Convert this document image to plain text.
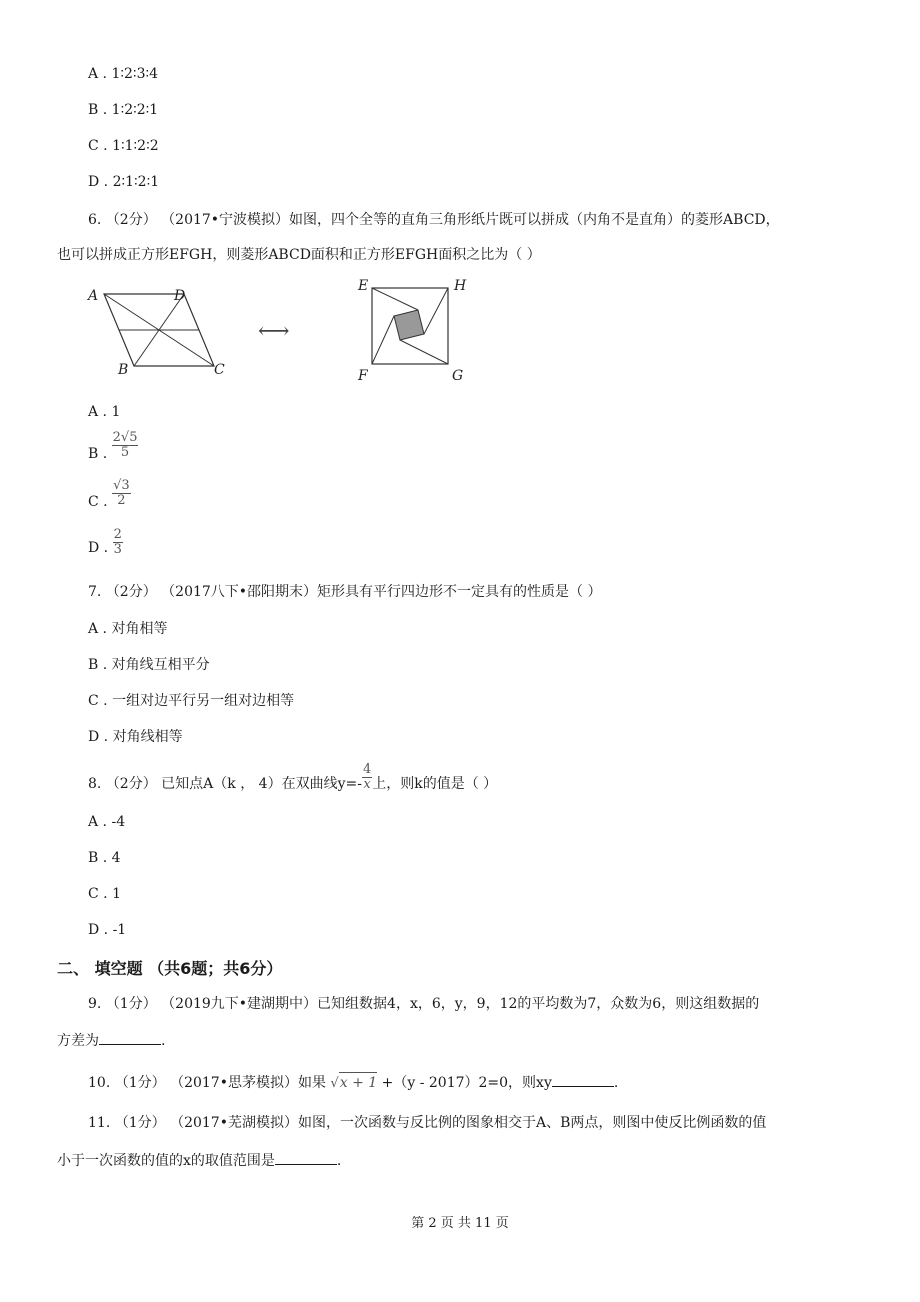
A . 1∶2∶3∶4
B . 1∶2∶2∶1
C . 1∶1∶2∶2
D . 2∶1∶2∶1
6. （2分） （2017•宁波模拟）如图，四个全等的直角三角形纸片既可以拼成（内角不是直角）的菱形ABCD，
也可以拼成正方形EFGH，则菱形ABCD面积和正方形EFGH面积之比为（ ）
A	D
B	C
⟷
E	H
F	G
A . 1
B . $\frac{2√5}{5}$
C . $\frac{√3}{2}$
D . $\frac{2}{3}$
7. （2分） （2017八下•邵阳期末）矩形具有平行四边形不一定具有的性质是（ ）
A . 对角相等
B . 对角线互相平分
C . 一组对边平行另一组对边相等
D . 对角线相等
8. （2分） 已知点A（k ， 4）在双曲线$y=- \frac{4}{x}$ 上，则k的值是（ ）
A . -4
B . 4
C . 1
D . -1
二、 填空题 （共6题；共6分）
9. （1分） （2019九下•建湖期中）已知组数据4，x，6，y，9，12的平均数为7，众数为6，则这组数据的
方差为	.
10. （1分） （2017•思茅模拟）如果 √x + 1 +（y - 2017）2=0，则xy	.
11. （1分） （2017•芜湖模拟）如图，一次函数与反比例的图象相交于A、B两点，则图中使反比例函数的值
小于一次函数的值的x的取值范围是	.
第 2 页 共 11 页
